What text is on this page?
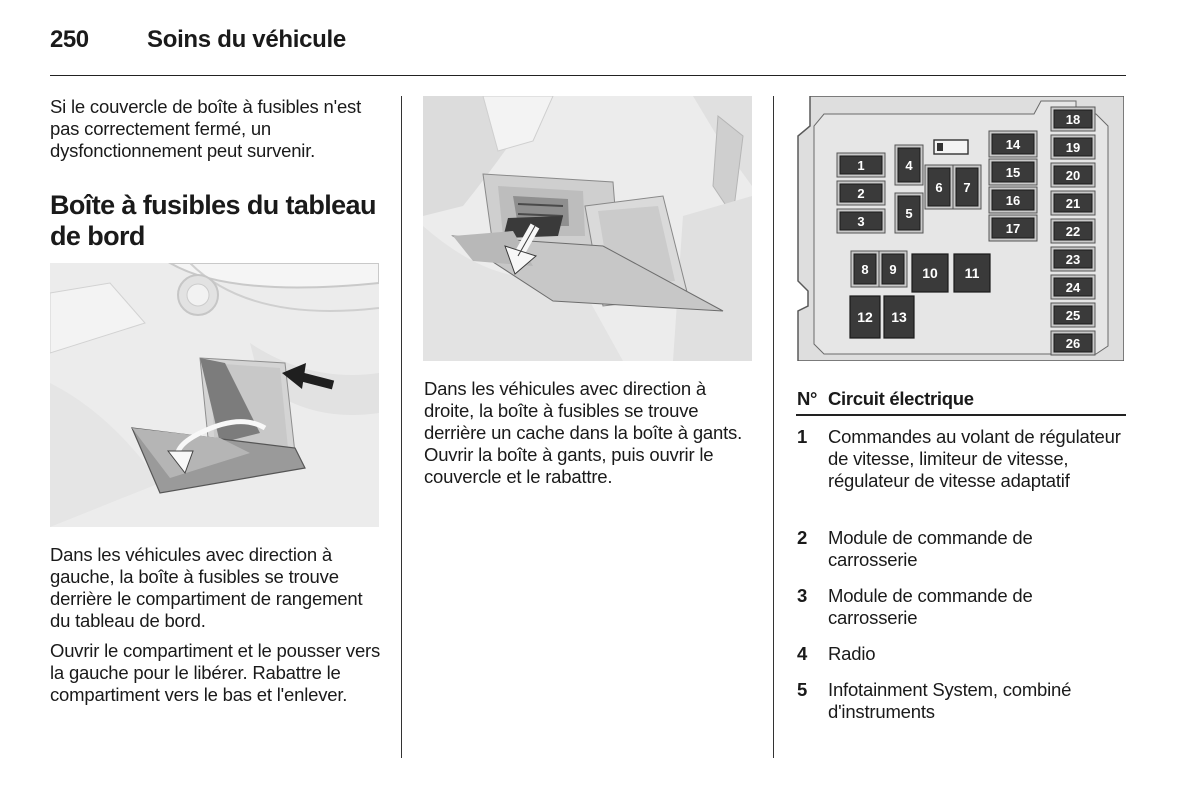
250 Soins du véhicule

Si le couvercle de boîte à fusibles n'est pas correctement fermé, un dysfonctionnement peut survenir.

Boîte à fusibles du tableau de bord

Dans les véhicules avec direction à gauche, la boîte à fusibles se trouve derrière le compartiment de rangement du tableau de bord.

Ouvrir le compartiment et le pousser vers la gauche pour le libérer. Rabattre le compartiment vers le bas et l'enlever.

Dans les véhicules avec direction à droite, la boîte à fusibles se trouve derrière un cache dans la boîte à gants. Ouvrir la boîte à gants, puis ouvrir le couvercle et le rabattre.

1
2
3
4
5
6 7
8 9 10 11
12 13
14
15
16
17
18
19
20
21
22
23
24
25
26
N° Circuit électrique
1 Commandes au volant de régulateur de vitesse, limiteur de vitesse, régulateur de vitesse adaptatif
2 Module de commande de carrosserie
3 Module de commande de carrosserie
4 Radio
5 Infotainment System, combiné d'instruments
